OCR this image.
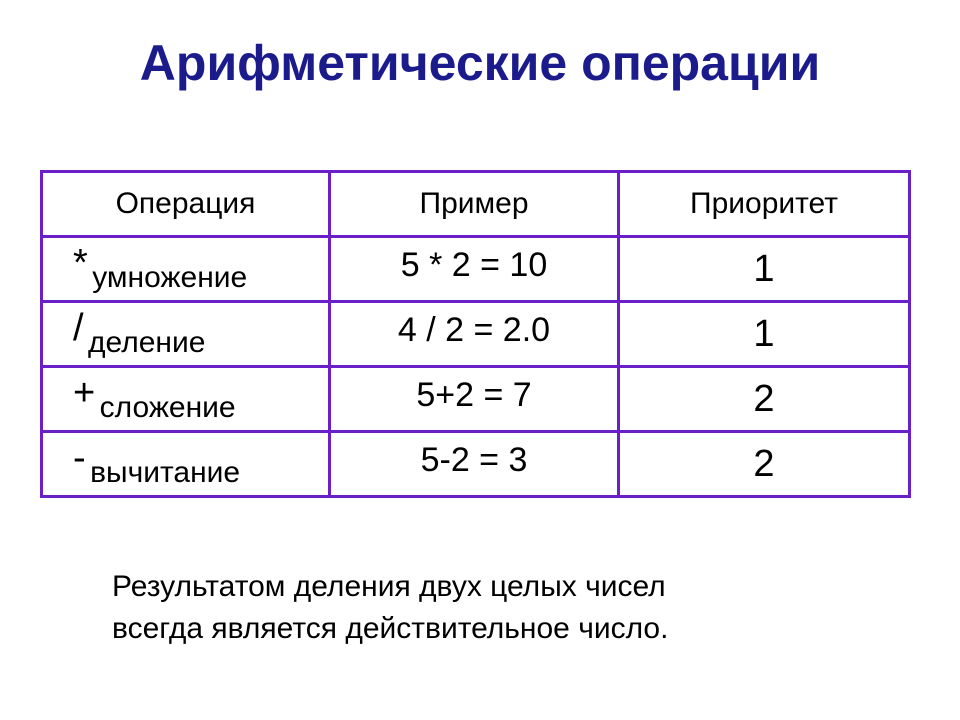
Арифметические операции
Операция	Пример	Приоритет
* умножение	5 * 2 = 10	1
/ деление	4 / 2 = 2.0	1
+ сложение	5+2 = 7	2
- вычитание	5-2 = 3	2
Результатом деления двух целых чисел
всегда является действительное число.
